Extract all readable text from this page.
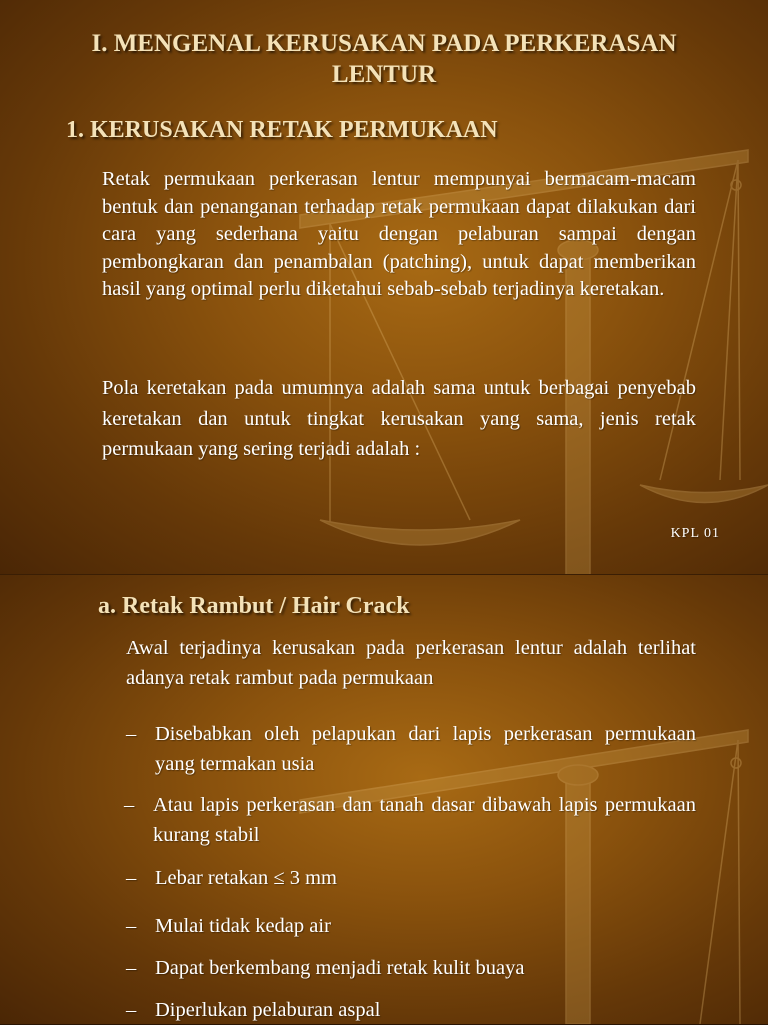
I. MENGENAL KERUSAKAN PADA PERKERASAN LENTUR
1. KERUSAKAN RETAK PERMUKAAN
Retak permukaan perkerasan lentur mempunyai bermacam-macam bentuk dan penanganan terhadap retak permukaan dapat dilakukan dari cara yang sederhana yaitu dengan pelaburan sampai dengan pembongkaran dan penambalan (patching), untuk dapat memberikan hasil yang optimal perlu diketahui sebab-sebab terjadinya keretakan.
Pola keretakan pada umumnya adalah sama untuk berbagai penyebab keretakan dan untuk tingkat kerusakan yang sama, jenis retak permukaan yang sering terjadi adalah :
KPL 01
a. Retak Rambut / Hair Crack
Awal terjadinya kerusakan pada perkerasan lentur adalah terlihat adanya retak rambut pada permukaan
– Disebabkan oleh pelapukan dari lapis perkerasan permukaan yang termakan usia
– Atau lapis perkerasan dan tanah dasar dibawah lapis permukaan kurang stabil
– Lebar retakan ≤ 3 mm
– Mulai tidak kedap air
– Dapat berkembang menjadi retak kulit buaya
– Diperlukan pelaburan aspal
